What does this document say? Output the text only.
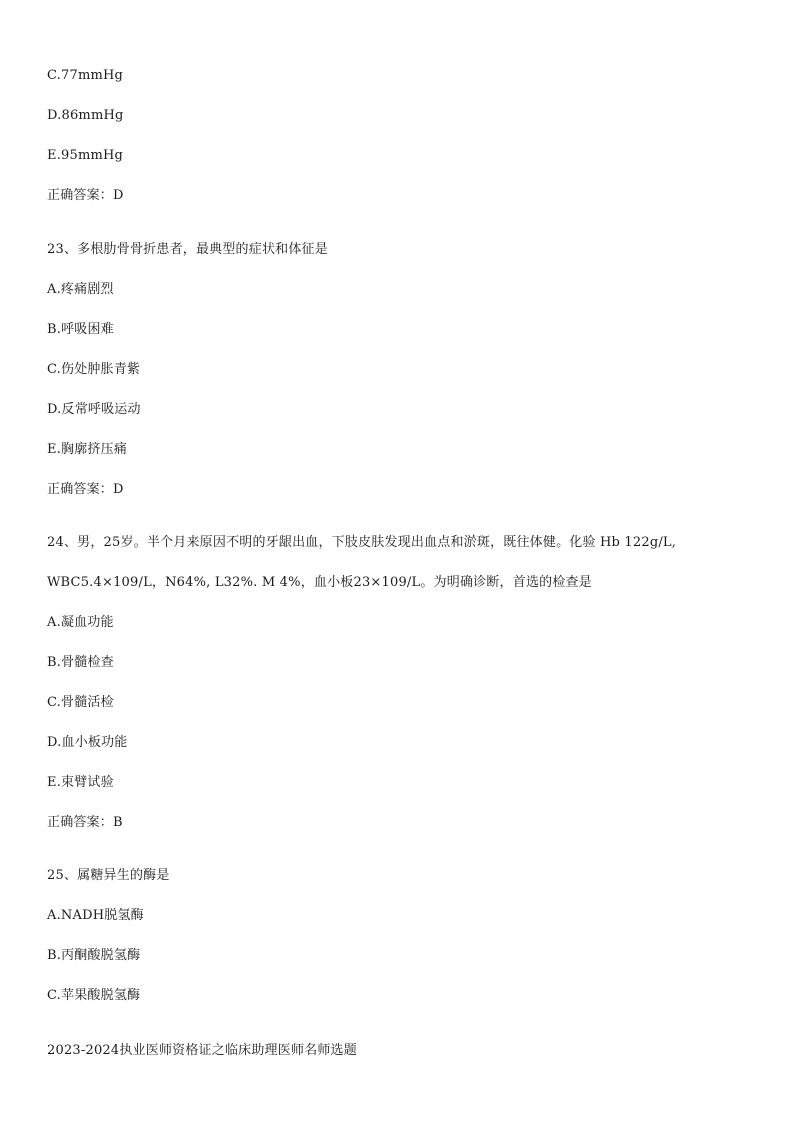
C.77mmHg
D.86mmHg
E.95mmHg
正确答案：D
23、多根肋骨骨折患者，最典型的症状和体征是
A.疼痛剧烈
B.呼吸困难
C.伤处肿胀青紫
D.反常呼吸运动
E.胸廓挤压痛
正确答案：D
24、男，25岁。半个月来原因不明的牙龈出血，下肢皮肤发现出血点和淤斑，既往体健。化验 Hb 122g/L,
WBC5.4×109/L，N64%, L32%. M 4%，血小板23×109/L。为明确诊断，首选的检查是
A.凝血功能
B.骨髓检查
C.骨髓活检
D.血小板功能
E.束臂试验
正确答案：B
25、属糖异生的酶是
A.NADH脱氢酶
B.丙酮酸脱氢酶
C.苹果酸脱氢酶
2023-2024执业医师资格证之临床助理医师名师选题
